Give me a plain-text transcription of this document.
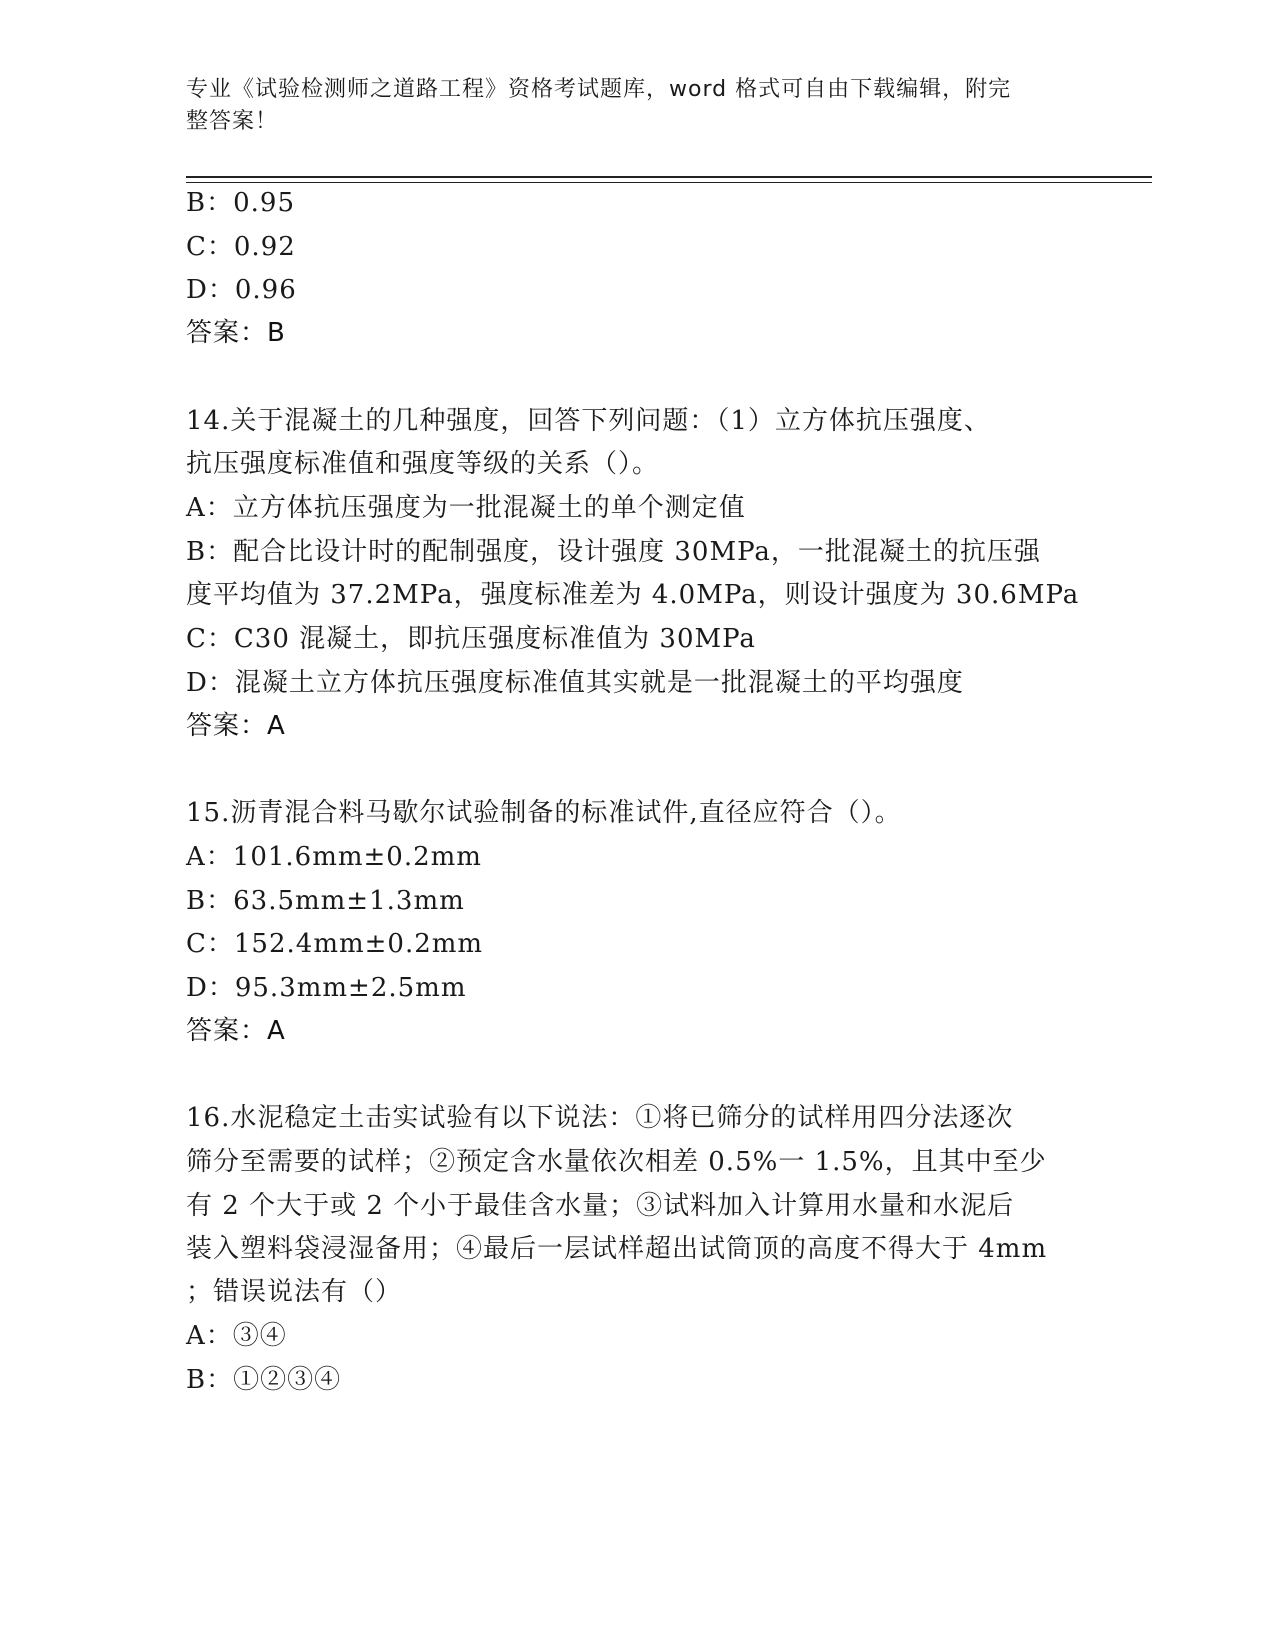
专业《试验检测师之道路工程》资格考试题库，word 格式可自由下载编辑，附完
整答案！
B：0.95
C：0.92
D：0.96
答案：B
14.关于混凝土的几种强度，回答下列问题：（1）立方体抗压强度、
抗压强度标准值和强度等级的关系（）。
A：立方体抗压强度为一批混凝土的单个测定值
B：配合比设计时的配制强度，设计强度 30MPa，一批混凝土的抗压强
度平均值为 37.2MPa，强度标准差为 4.0MPa，则设计强度为 30.6MPa
C：C30 混凝土，即抗压强度标准值为 30MPa
D：混凝土立方体抗压强度标准值其实就是一批混凝土的平均强度
答案：A
15.沥青混合料马歇尔试验制备的标准试件,直径应符合（）。
A：101.6mm±0.2mm
B：63.5mm±1.3mm
C：152.4mm±0.2mm
D：95.3mm±2.5mm
答案：A
16.水泥稳定土击实试验有以下说法：①将已筛分的试样用四分法逐次
筛分至需要的试样；②预定含水量依次相差 0.5%一 1.5%，且其中至少
有 2 个大于或 2 个小于最佳含水量；③试料加入计算用水量和水泥后
装入塑料袋浸湿备用；④最后一层试样超出试筒顶的高度不得大于 4mm
；错误说法有（）
A：③④
B：①②③④
